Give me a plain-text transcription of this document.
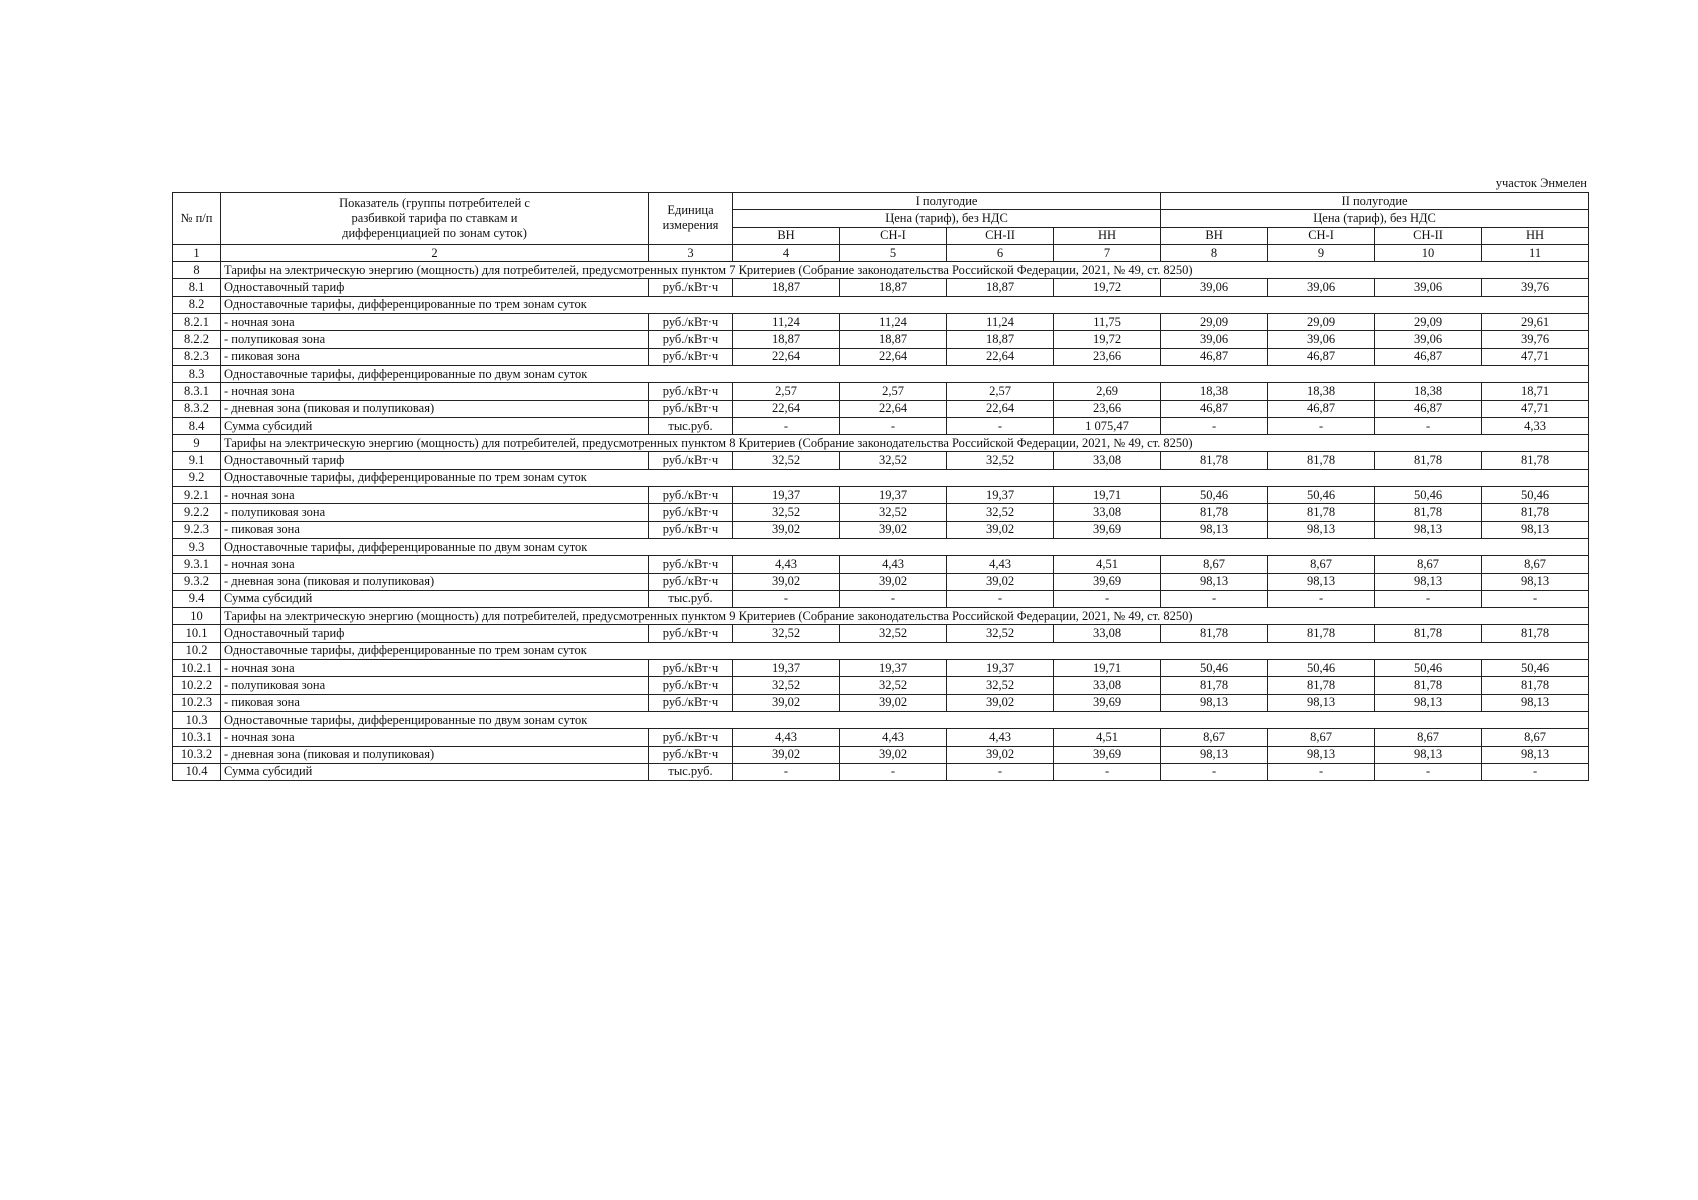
участок Энмелен
№ п/п	Показатель (группы потребителей с разбивкой тарифа по ставкам и дифференциацией по зонам суток)	Единица измерения	I полугодие				II полугодие			
			Цена (тариф), без НДС				Цена (тариф), без НДС			
			ВН	СН-I	СН-II	НН	ВН	СН-I	СН-II	НН
1	2	3	4	5	6	7	8	9	10	11
8	Тарифы на электрическую энергию (мощность) для потребителей, предусмотренных пунктом 7 Критериев (Собрание законодательства Российской Федерации, 2021, № 49, ст. 8250)									
8.1	Одноставочный тариф	руб./кВт·ч	18,87	18,87	18,87	19,72	39,06	39,06	39,06	39,76
8.2	Одноставочные тарифы, дифференцированные по трем зонам суток									
8.2.1	- ночная зона	руб./кВт·ч	11,24	11,24	11,24	11,75	29,09	29,09	29,09	29,61
8.2.2	- полупиковая зона	руб./кВт·ч	18,87	18,87	18,87	19,72	39,06	39,06	39,06	39,76
8.2.3	- пиковая зона	руб./кВт·ч	22,64	22,64	22,64	23,66	46,87	46,87	46,87	47,71
8.3	Одноставочные тарифы, дифференцированные по двум зонам суток									
8.3.1	- ночная зона	руб./кВт·ч	2,57	2,57	2,57	2,69	18,38	18,38	18,38	18,71
8.3.2	- дневная зона (пиковая и полупиковая)	руб./кВт·ч	22,64	22,64	22,64	23,66	46,87	46,87	46,87	47,71
8.4	Сумма субсидий	тыс.руб.	-	-	-	1 075,47	-	-	-	4,33
9	Тарифы на электрическую энергию (мощность) для потребителей, предусмотренных пунктом 8 Критериев (Собрание законодательства Российской Федерации, 2021, № 49, ст. 8250)									
9.1	Одноставочный тариф	руб./кВт·ч	32,52	32,52	32,52	33,08	81,78	81,78	81,78	81,78
9.2	Одноставочные тарифы, дифференцированные по трем зонам суток									
9.2.1	- ночная зона	руб./кВт·ч	19,37	19,37	19,37	19,71	50,46	50,46	50,46	50,46
9.2.2	- полупиковая зона	руб./кВт·ч	32,52	32,52	32,52	33,08	81,78	81,78	81,78	81,78
9.2.3	- пиковая зона	руб./кВт·ч	39,02	39,02	39,02	39,69	98,13	98,13	98,13	98,13
9.3	Одноставочные тарифы, дифференцированные по двум зонам суток									
9.3.1	- ночная зона	руб./кВт·ч	4,43	4,43	4,43	4,51	8,67	8,67	8,67	8,67
9.3.2	- дневная зона (пиковая и полупиковая)	руб./кВт·ч	39,02	39,02	39,02	39,69	98,13	98,13	98,13	98,13
9.4	Сумма субсидий	тыс.руб.	-	-	-	-	-	-	-	-
10	Тарифы на электрическую энергию (мощность) для потребителей, предусмотренных пунктом 9 Критериев (Собрание законодательства Российской Федерации, 2021, № 49, ст. 8250)									
10.1	Одноставочный тариф	руб./кВт·ч	32,52	32,52	32,52	33,08	81,78	81,78	81,78	81,78
10.2	Одноставочные тарифы, дифференцированные по трем зонам суток									
10.2.1	- ночная зона	руб./кВт·ч	19,37	19,37	19,37	19,71	50,46	50,46	50,46	50,46
10.2.2	- полупиковая зона	руб./кВт·ч	32,52	32,52	32,52	33,08	81,78	81,78	81,78	81,78
10.2.3	- пиковая зона	руб./кВт·ч	39,02	39,02	39,02	39,69	98,13	98,13	98,13	98,13
10.3	Одноставочные тарифы, дифференцированные по двум зонам суток									
10.3.1	- ночная зона	руб./кВт·ч	4,43	4,43	4,43	4,51	8,67	8,67	8,67	8,67
10.3.2	- дневная зона (пиковая и полупиковая)	руб./кВт·ч	39,02	39,02	39,02	39,69	98,13	98,13	98,13	98,13
10.4	Сумма субсидий	тыс.руб.	-	-	-	-	-	-	-	-
